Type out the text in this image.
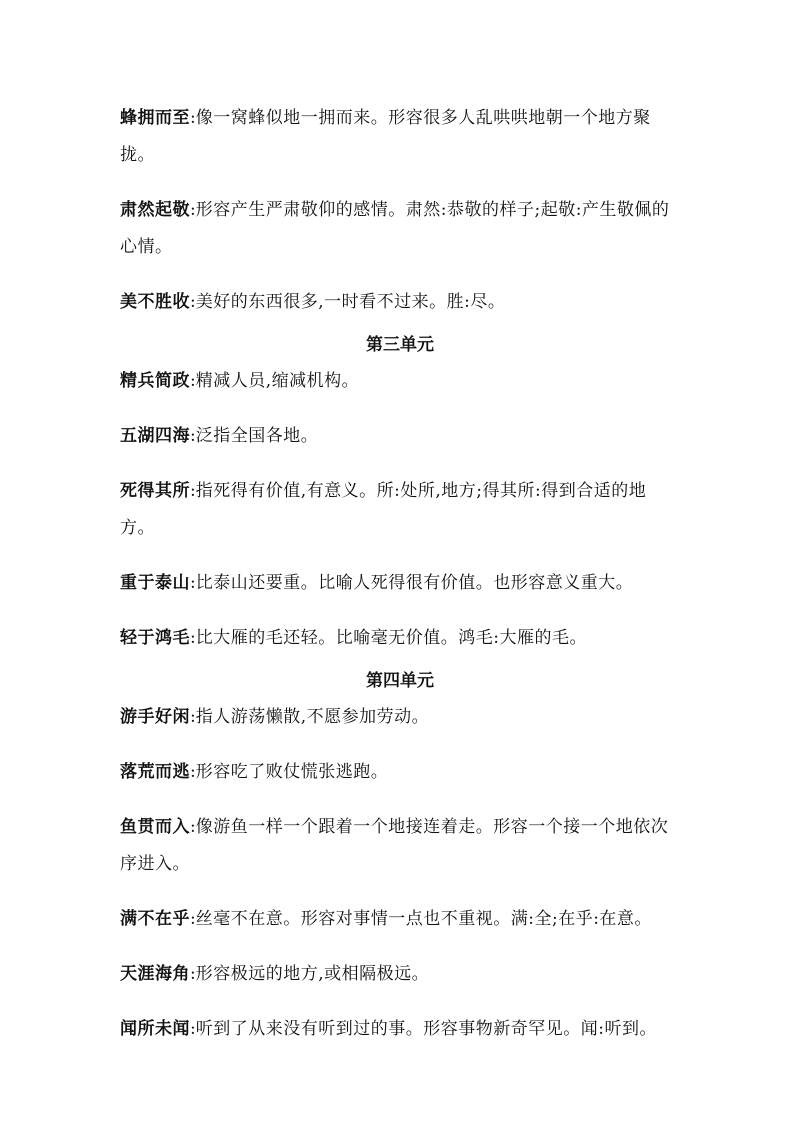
蜂拥而至:像一窝蜂似地一拥而来。形容很多人乱哄哄地朝一个地方聚拢。

肃然起敬:形容产生严肃敬仰的感情。肃然:恭敬的样子;起敬:产生敬佩的心情。

美不胜收:美好的东西很多,一时看不过来。胜:尽。

第三单元

精兵简政:精减人员,缩减机构。

五湖四海:泛指全国各地。

死得其所:指死得有价值,有意义。所:处所,地方;得其所:得到合适的地方。

重于泰山:比泰山还要重。比喻人死得很有价值。也形容意义重大。

轻于鸿毛:比大雁的毛还轻。比喻毫无价值。鸿毛:大雁的毛。

第四单元

游手好闲:指人游荡懒散,不愿参加劳动。

落荒而逃:形容吃了败仗慌张逃跑。

鱼贯而入:像游鱼一样一个跟着一个地接连着走。形容一个接一个地依次序进入。

满不在乎:丝毫不在意。形容对事情一点也不重视。满:全;在乎:在意。

天涯海角:形容极远的地方,或相隔极远。

闻所未闻:听到了从来没有听到过的事。形容事物新奇罕见。闻:听到。
